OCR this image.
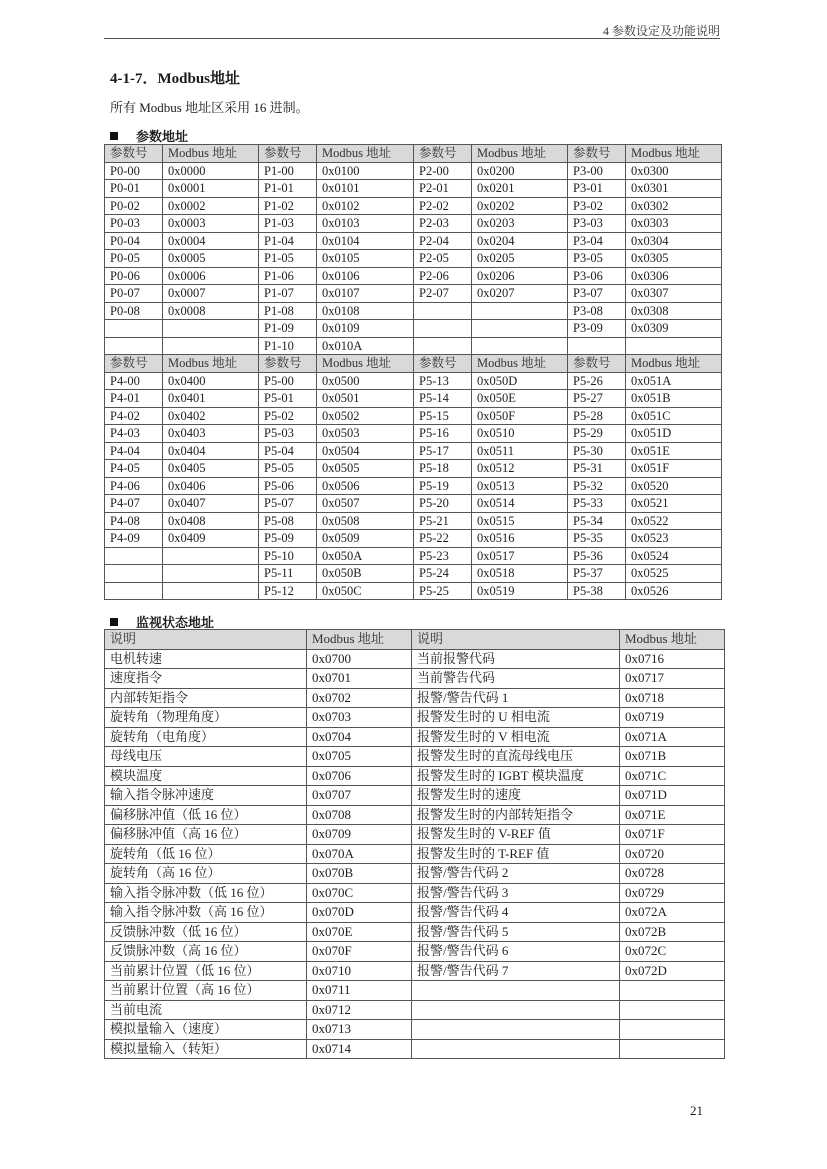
4 参数设定及功能说明
4-1-7．Modbus地址
所有 Modbus 地址区采用 16 进制。
参数地址
参数号	Modbus 地址	参数号	Modbus 地址	参数号	Modbus 地址	参数号	Modbus 地址
P0-00	0x0000	P1-00	0x0100	P2-00	0x0200	P3-00	0x0300
P0-01	0x0001	P1-01	0x0101	P2-01	0x0201	P3-01	0x0301
P0-02	0x0002	P1-02	0x0102	P2-02	0x0202	P3-02	0x0302
P0-03	0x0003	P1-03	0x0103	P2-03	0x0203	P3-03	0x0303
P0-04	0x0004	P1-04	0x0104	P2-04	0x0204	P3-04	0x0304
P0-05	0x0005	P1-05	0x0105	P2-05	0x0205	P3-05	0x0305
P0-06	0x0006	P1-06	0x0106	P2-06	0x0206	P3-06	0x0306
P0-07	0x0007	P1-07	0x0107	P2-07	0x0207	P3-07	0x0307
P0-08	0x0008	P1-08	0x0108			P3-08	0x0308
		P1-09	0x0109			P3-09	0x0309
		P1-10	0x010A				
参数号	Modbus 地址	参数号	Modbus 地址	参数号	Modbus 地址	参数号	Modbus 地址
P4-00	0x0400	P5-00	0x0500	P5-13	0x050D	P5-26	0x051A
P4-01	0x0401	P5-01	0x0501	P5-14	0x050E	P5-27	0x051B
P4-02	0x0402	P5-02	0x0502	P5-15	0x050F	P5-28	0x051C
P4-03	0x0403	P5-03	0x0503	P5-16	0x0510	P5-29	0x051D
P4-04	0x0404	P5-04	0x0504	P5-17	0x0511	P5-30	0x051E
P4-05	0x0405	P5-05	0x0505	P5-18	0x0512	P5-31	0x051F
P4-06	0x0406	P5-06	0x0506	P5-19	0x0513	P5-32	0x0520
P4-07	0x0407	P5-07	0x0507	P5-20	0x0514	P5-33	0x0521
P4-08	0x0408	P5-08	0x0508	P5-21	0x0515	P5-34	0x0522
P4-09	0x0409	P5-09	0x0509	P5-22	0x0516	P5-35	0x0523
		P5-10	0x050A	P5-23	0x0517	P5-36	0x0524
		P5-11	0x050B	P5-24	0x0518	P5-37	0x0525
		P5-12	0x050C	P5-25	0x0519	P5-38	0x0526
监视状态地址
说明	Modbus 地址	说明	Modbus 地址
电机转速	0x0700	当前报警代码	0x0716
速度指令	0x0701	当前警告代码	0x0717
内部转矩指令	0x0702	报警/警告代码 1	0x0718
旋转角（物理角度）	0x0703	报警发生时的 U 相电流	0x0719
旋转角（电角度）	0x0704	报警发生时的 V 相电流	0x071A
母线电压	0x0705	报警发生时的直流母线电压	0x071B
模块温度	0x0706	报警发生时的 IGBT 模块温度	0x071C
输入指令脉冲速度	0x0707	报警发生时的速度	0x071D
偏移脉冲值（低 16 位）	0x0708	报警发生时的内部转矩指令	0x071E
偏移脉冲值（高 16 位）	0x0709	报警发生时的 V-REF 值	0x071F
旋转角（低 16 位）	0x070A	报警发生时的 T-REF 值	0x0720
旋转角（高 16 位）	0x070B	报警/警告代码 2	0x0728
输入指令脉冲数（低 16 位）	0x070C	报警/警告代码 3	0x0729
输入指令脉冲数（高 16 位）	0x070D	报警/警告代码 4	0x072A
反馈脉冲数（低 16 位）	0x070E	报警/警告代码 5	0x072B
反馈脉冲数（高 16 位）	0x070F	报警/警告代码 6	0x072C
当前累计位置（低 16 位）	0x0710	报警/警告代码 7	0x072D
当前累计位置（高 16 位）	0x0711		
当前电流	0x0712		
模拟量输入（速度）	0x0713		
模拟量输入（转矩）	0x0714		
21
